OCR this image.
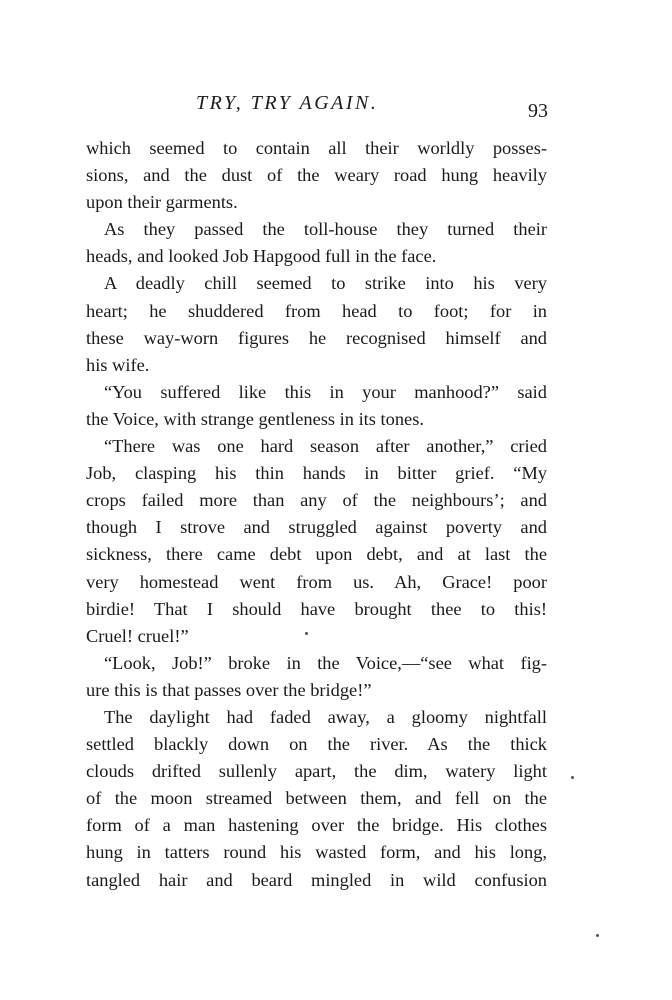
TRY, TRY AGAIN.	93
which seemed to contain all their worldly posses-
sions, and the dust of the weary road hung heavily
upon their garments.
As they passed the toll-house they turned their
heads, and looked Job Hapgood full in the face.
A deadly chill seemed to strike into his very
heart; he shuddered from head to foot; for in
these way-worn figures he recognised himself and
his wife.
“You suffered like this in your manhood?” said
the Voice, with strange gentleness in its tones.
“There was one hard season after another,” cried
Job, clasping his thin hands in bitter grief. “My
crops failed more than any of the neighbours’; and
though I strove and struggled against poverty and
sickness, there came debt upon debt, and at last the
very homestead went from us. Ah, Grace! poor
birdie! That I should have brought thee to this!
Cruel! cruel!”
“Look, Job!” broke in the Voice,—“see what fig-
ure this is that passes over the bridge!”
The daylight had faded away, a gloomy nightfall
settled blackly down on the river. As the thick
clouds drifted sullenly apart, the dim, watery light
of the moon streamed between them, and fell on the
form of a man hastening over the bridge. His clothes
hung in tatters round his wasted form, and his long,
tangled hair and beard mingled in wild confusion
